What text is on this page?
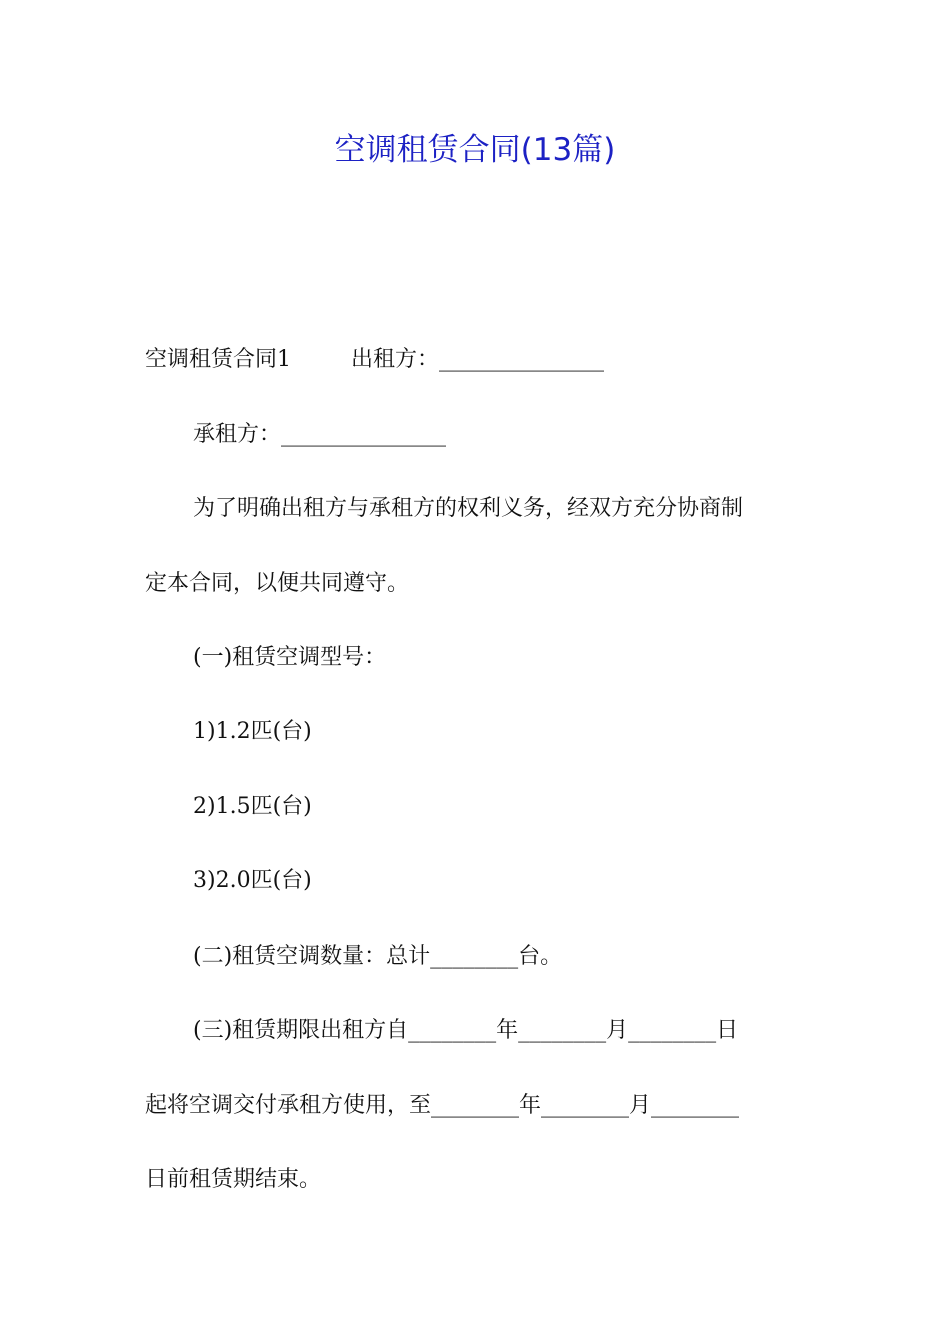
空调租赁合同(13篇)
空调租赁合同1	出租方：_______________

承租方：_______________

为了明确出租方与承租方的权利义务，经双方充分协商制

定本合同，以便共同遵守。

(一)租赁空调型号：

1)1.2匹(台)

2)1.5匹(台)

3)2.0匹(台)

(二)租赁空调数量：总计________台。

(三)租赁期限出租方自________年________月________日

起将空调交付承租方使用，至________年________月________

日前租赁期结束。
